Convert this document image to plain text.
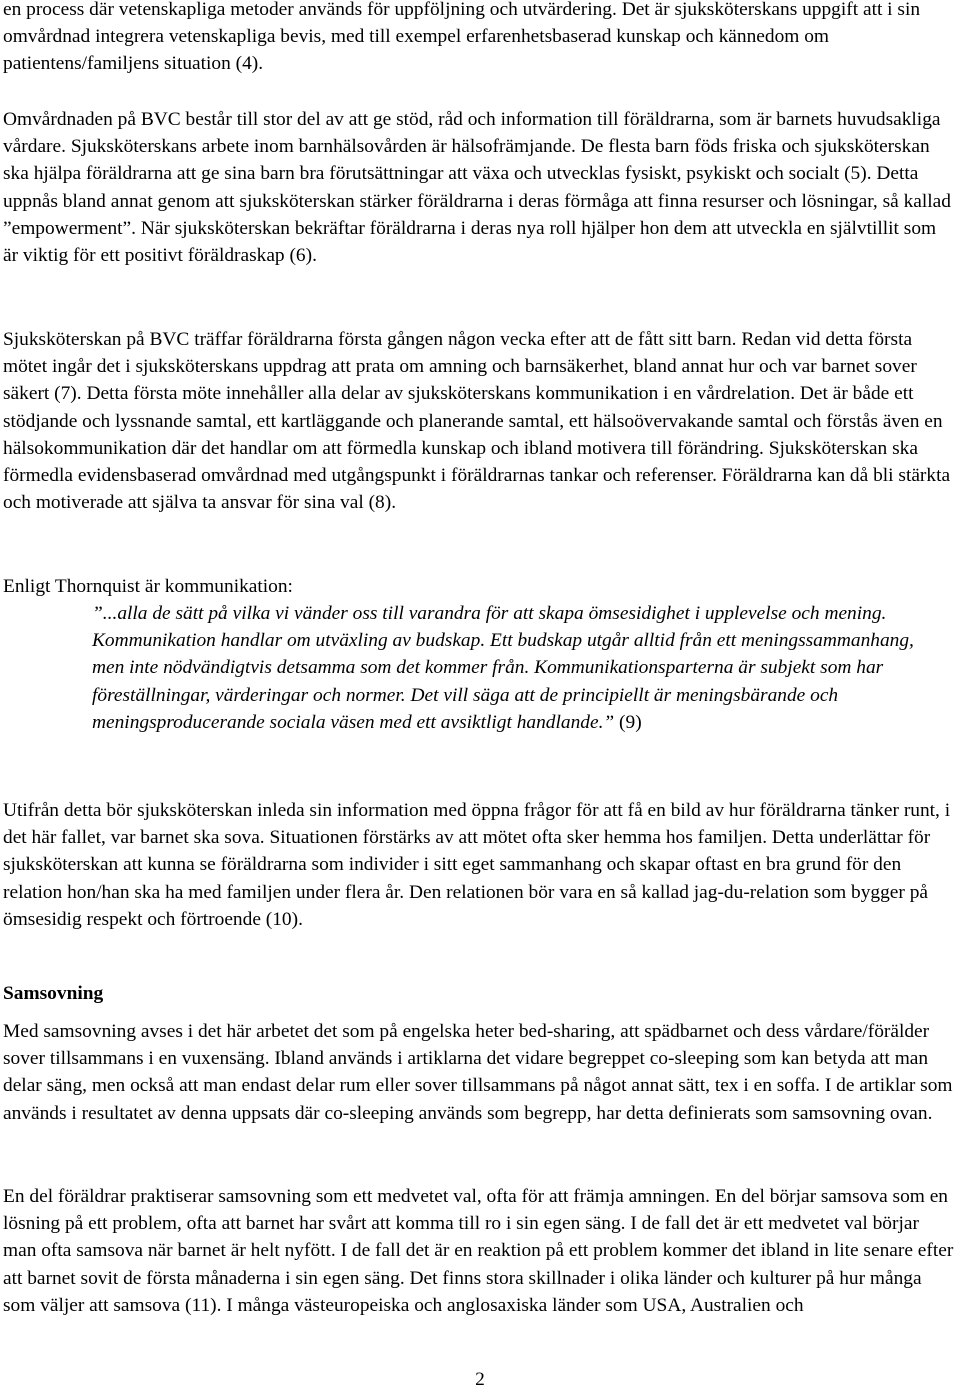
en process där vetenskapliga metoder används för uppföljning och utvärdering. Det är sjuksköterskans uppgift att i sin omvårdnad integrera vetenskapliga bevis, med till exempel erfarenhetsbaserad kunskap och kännedom om patientens/familjens situation (4).

Omvårdnaden på BVC består till stor del av att ge stöd, råd och information till föräldrarna, som är barnets huvudsakliga vårdare. Sjuksköterskans arbete inom barnhälsovården är hälsofrämjande. De flesta barn föds friska och sjuksköterskan ska hjälpa föräldrarna att ge sina barn bra förutsättningar att växa och utvecklas fysiskt, psykiskt och socialt (5). Detta uppnås bland annat genom att sjuksköterskan stärker föräldrarna i deras förmåga att finna resurser och lösningar, så kallad ”empowerment”. När sjuksköterskan bekräftar föräldrarna i deras nya roll hjälper hon dem att utveckla en självtillit som är viktig för ett positivt föräldraskap (6).

Sjuksköterskan på BVC träffar föräldrarna första gången någon vecka efter att de fått sitt barn. Redan vid detta första mötet ingår det i sjuksköterskans uppdrag att prata om amning och barnsäkerhet, bland annat hur och var barnet sover säkert (7). Detta första möte innehåller alla delar av sjuksköterskans kommunikation i en vårdrelation. Det är både ett stödjande och lyssnande samtal, ett kartläggande och planerande samtal, ett hälsoövervakande samtal och förstås även en hälsokommunikation där det handlar om att förmedla kunskap och ibland motivera till förändring. Sjuksköterskan ska förmedla evidensbaserad omvårdnad med utgångspunkt i föräldrarnas tankar och referenser. Föräldrarna kan då bli stärkta och motiverade att själva ta ansvar för sina val (8).

Enligt Thornquist är kommunikation:

”...alla de sätt på vilka vi vänder oss till varandra för att skapa ömsesidighet i upplevelse och mening. Kommunikation handlar om utväxling av budskap. Ett budskap utgår alltid från ett meningssammanhang, men inte nödvändigtvis detsamma som det kommer från. Kommunikationsparterna är subjekt som har föreställningar, värderingar och normer. Det vill säga att de principiellt är meningsbärande och meningsproducerande sociala väsen med ett avsiktligt handlande.” (9)

Utifrån detta bör sjuksköterskan inleda sin information med öppna frågor för att få en bild av hur föräldrarna tänker runt, i det här fallet, var barnet ska sova. Situationen förstärks av att mötet ofta sker hemma hos familjen. Detta underlättar för sjuksköterskan att kunna se föräldrarna som individer i sitt eget sammanhang och skapar oftast en bra grund för den relation hon/han ska ha med familjen under flera år. Den relationen bör vara en så kallad jag-du-relation som bygger på ömsesidig respekt och förtroende (10).

Samsovning

Med samsovning avses i det här arbetet det som på engelska heter bed-sharing, att spädbarnet och dess vårdare/förälder sover tillsammans i en vuxensäng. Ibland används i artiklarna det vidare begreppet co-sleeping som kan betyda att man delar säng, men också att man endast delar rum eller sover tillsammans på något annat sätt, tex i en soffa. I de artiklar som används i resultatet av denna uppsats där co-sleeping används som begrepp, har detta definierats som samsovning ovan.

En del föräldrar praktiserar samsovning som ett medvetet val, ofta för att främja amningen. En del börjar samsova som en lösning på ett problem, ofta att barnet har svårt att komma till ro i sin egen säng. I de fall det är ett medvetet val börjar man ofta samsova när barnet är helt nyfött. I de fall det är en reaktion på ett problem kommer det ibland in lite senare efter att barnet sovit de första månaderna i sin egen säng. Det finns stora skillnader i olika länder och kulturer på hur många som väljer att samsova (11). I många västeuropeiska och anglosaxiska länder som USA, Australien och

2
